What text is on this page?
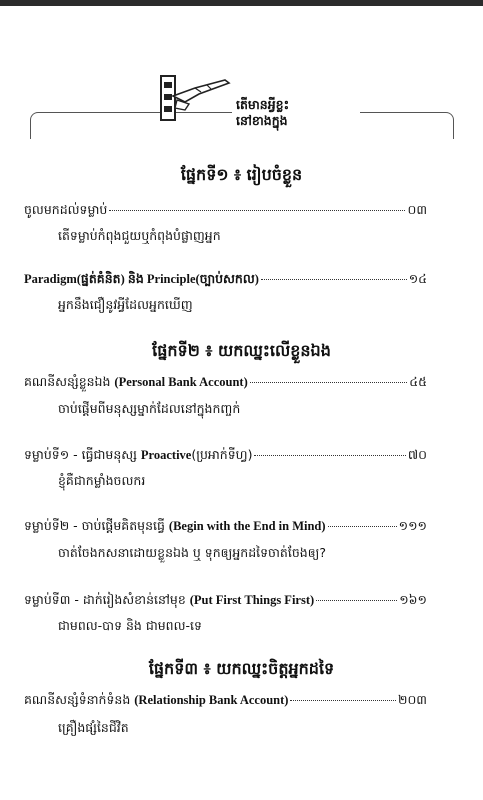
តើមានអ្វីខ្លះ
នៅខាងក្នុង
ផ្នែកទី១ ៖ រៀបចំខ្លួន
ចូលមកដល់ទម្លាប់	០៣
តើទម្លាប់កំពុងជួយឬកំពុងបំផ្លាញអ្នក
Paradigm(ផ្នត់គំនិត) និង Principle(ច្បាប់សកល)	១៤
អ្នកនឹងជឿនូវអ្វីដែលអ្នកឃើញ
ផ្នែកទី២ ៖ យកឈ្នះលើខ្លួនឯង
គណនីសន្សំខ្លួនឯង (Personal Bank Account)	៤៥
ចាប់ផ្តើមពីមនុស្សម្នាក់ដែលនៅក្នុងកញ្ចក់
ទម្លាប់ទី១ - ធ្វើជាមនុស្ស Proactive(ប្រអាក់ទីហ្វ)	៧០
ខ្ញុំគឺជាកម្លាំងចលករ
ទម្លាប់ទី២ - ចាប់ផ្តើមគិតមុនធ្វើ (Begin with the End in Mind)	១១១
ចាត់ចែងកសនាដោយខ្លួនឯង ឬ ទុកឲ្យអ្នកដទៃចាត់ចែងឲ្យ?
ទម្លាប់ទី៣ - ដាក់រៀងសំខាន់នៅមុខ (Put First Things First)	១៦១
ជាមពល-បាទ និង ជាមពល-ទេ
ផ្នែកទី៣ ៖ យកឈ្នះចិត្តអ្នកដទៃ
គណនីសន្សំទំនាក់ទំនង (Relationship Bank Account)	២០៣
គ្រឿងផ្សំនៃជីវិត
